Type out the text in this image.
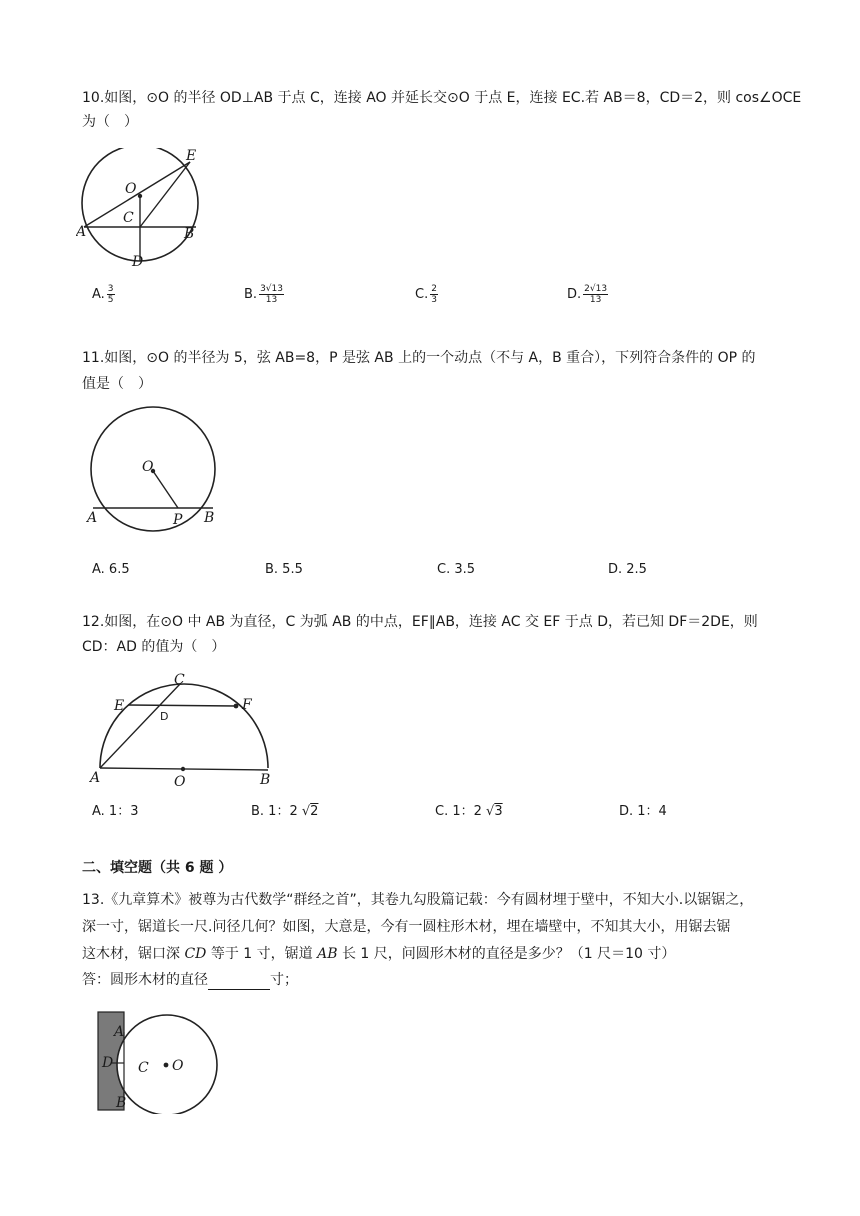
10.如图，⊙O 的半径 OD⊥AB 于点 C，连接 AO 并延长交⊙O 于点 E，连接 EC.若 AB＝8，CD＝2，则 cos∠OCE
为（　）
E
O
C
A	B
D
A. $\frac{3}{5}$	B. $\frac{3√13}{13}$	C. $\frac{2}{3}$	D. $\frac{2√13}{13}$
11.如图，⊙O 的半径为 5，弦 AB=8，P 是弦 AB 上的一个动点（不与 A，B 重合），下列符合条件的 OP 的
值是（　）
O
A	P B
A. 6.5	B. 5.5	C. 3.5	D. 2.5
12.如图，在⊙O 中 AB 为直径，C 为弧 AB 的中点，EF∥AB，连接 AC 交 EF 于点 D，若已知 DF＝2DE，则
CD：AD 的值为（　）
C
E
D
F
A	O	B
A. 1：3	B. 1：2 √2	C. 1：2 √3	D. 1：4
二、填空题（共 6 题 ）
13.《九章算术》被尊为古代数学“群经之首”，其卷九勾股篇记载：今有圆材埋于壁中，不知大小.以锯锯之，
深一寸，锯道长一尺.问径几何？如图，大意是，今有一圆柱形木材，埋在墙壁中，不知其大小，用锯去锯
这木材，锯口深 CD 等于 1 寸，锯道 AB 长 1 尺，问圆形木材的直径是多少？（1 尺＝10 寸）
答：圆形木材的直径	寸；
A
D C O
B
